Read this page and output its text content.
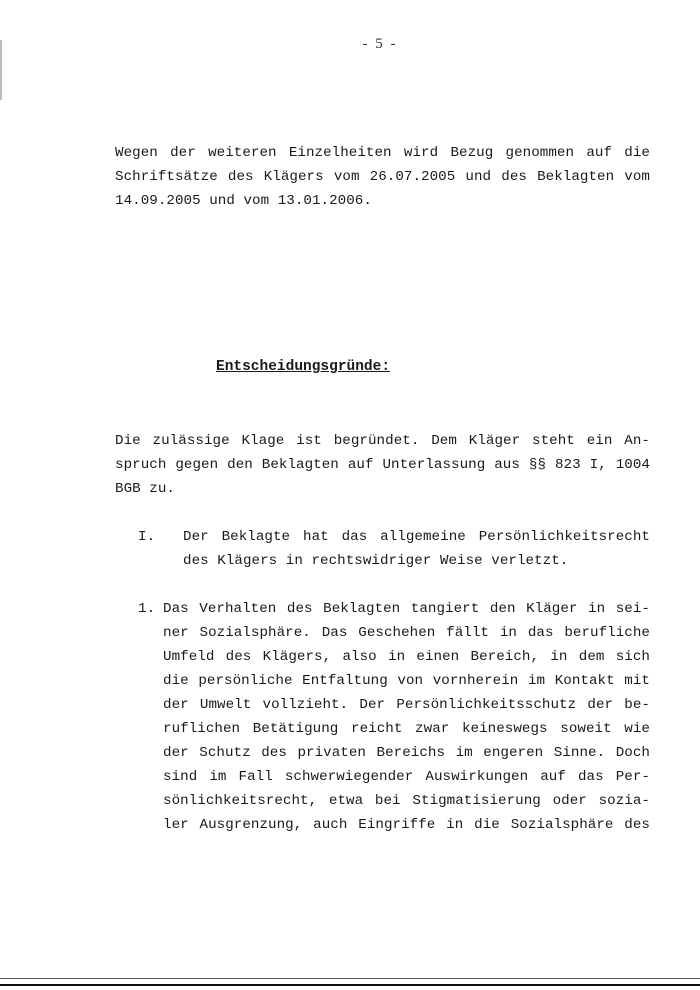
- 5 -
Wegen der weiteren Einzelheiten wird Bezug genommen auf die
Schriftsätze des Klägers vom 26.07.2005 und des Beklagten vom
14.09.2005 und vom 13.01.2006.
Entscheidungsgründe:
Die zulässige Klage ist begründet. Dem Kläger steht ein An-
spruch gegen den Beklagten auf Unterlassung aus §§ 823 I, 1004
BGB zu.
I. Der Beklagte hat das allgemeine Persönlichkeitsrecht
des Klägers in rechtswidriger Weise verletzt.
1. Das Verhalten des Beklagten tangiert den Kläger in sei-
ner Sozialsphäre. Das Geschehen fällt in das berufliche
Umfeld des Klägers, also in einen Bereich, in dem sich
die persönliche Entfaltung von vornherein im Kontakt mit
der Umwelt vollzieht. Der Persönlichkeitsschutz der be-
ruflichen Betätigung reicht zwar keineswegs soweit wie
der Schutz des privaten Bereichs im engeren Sinne. Doch
sind im Fall schwerwiegender Auswirkungen auf das Per-
sönlichkeitsrecht, etwa bei Stigmatisierung oder sozia-
ler Ausgrenzung, auch Eingriffe in die Sozialsphäre des
